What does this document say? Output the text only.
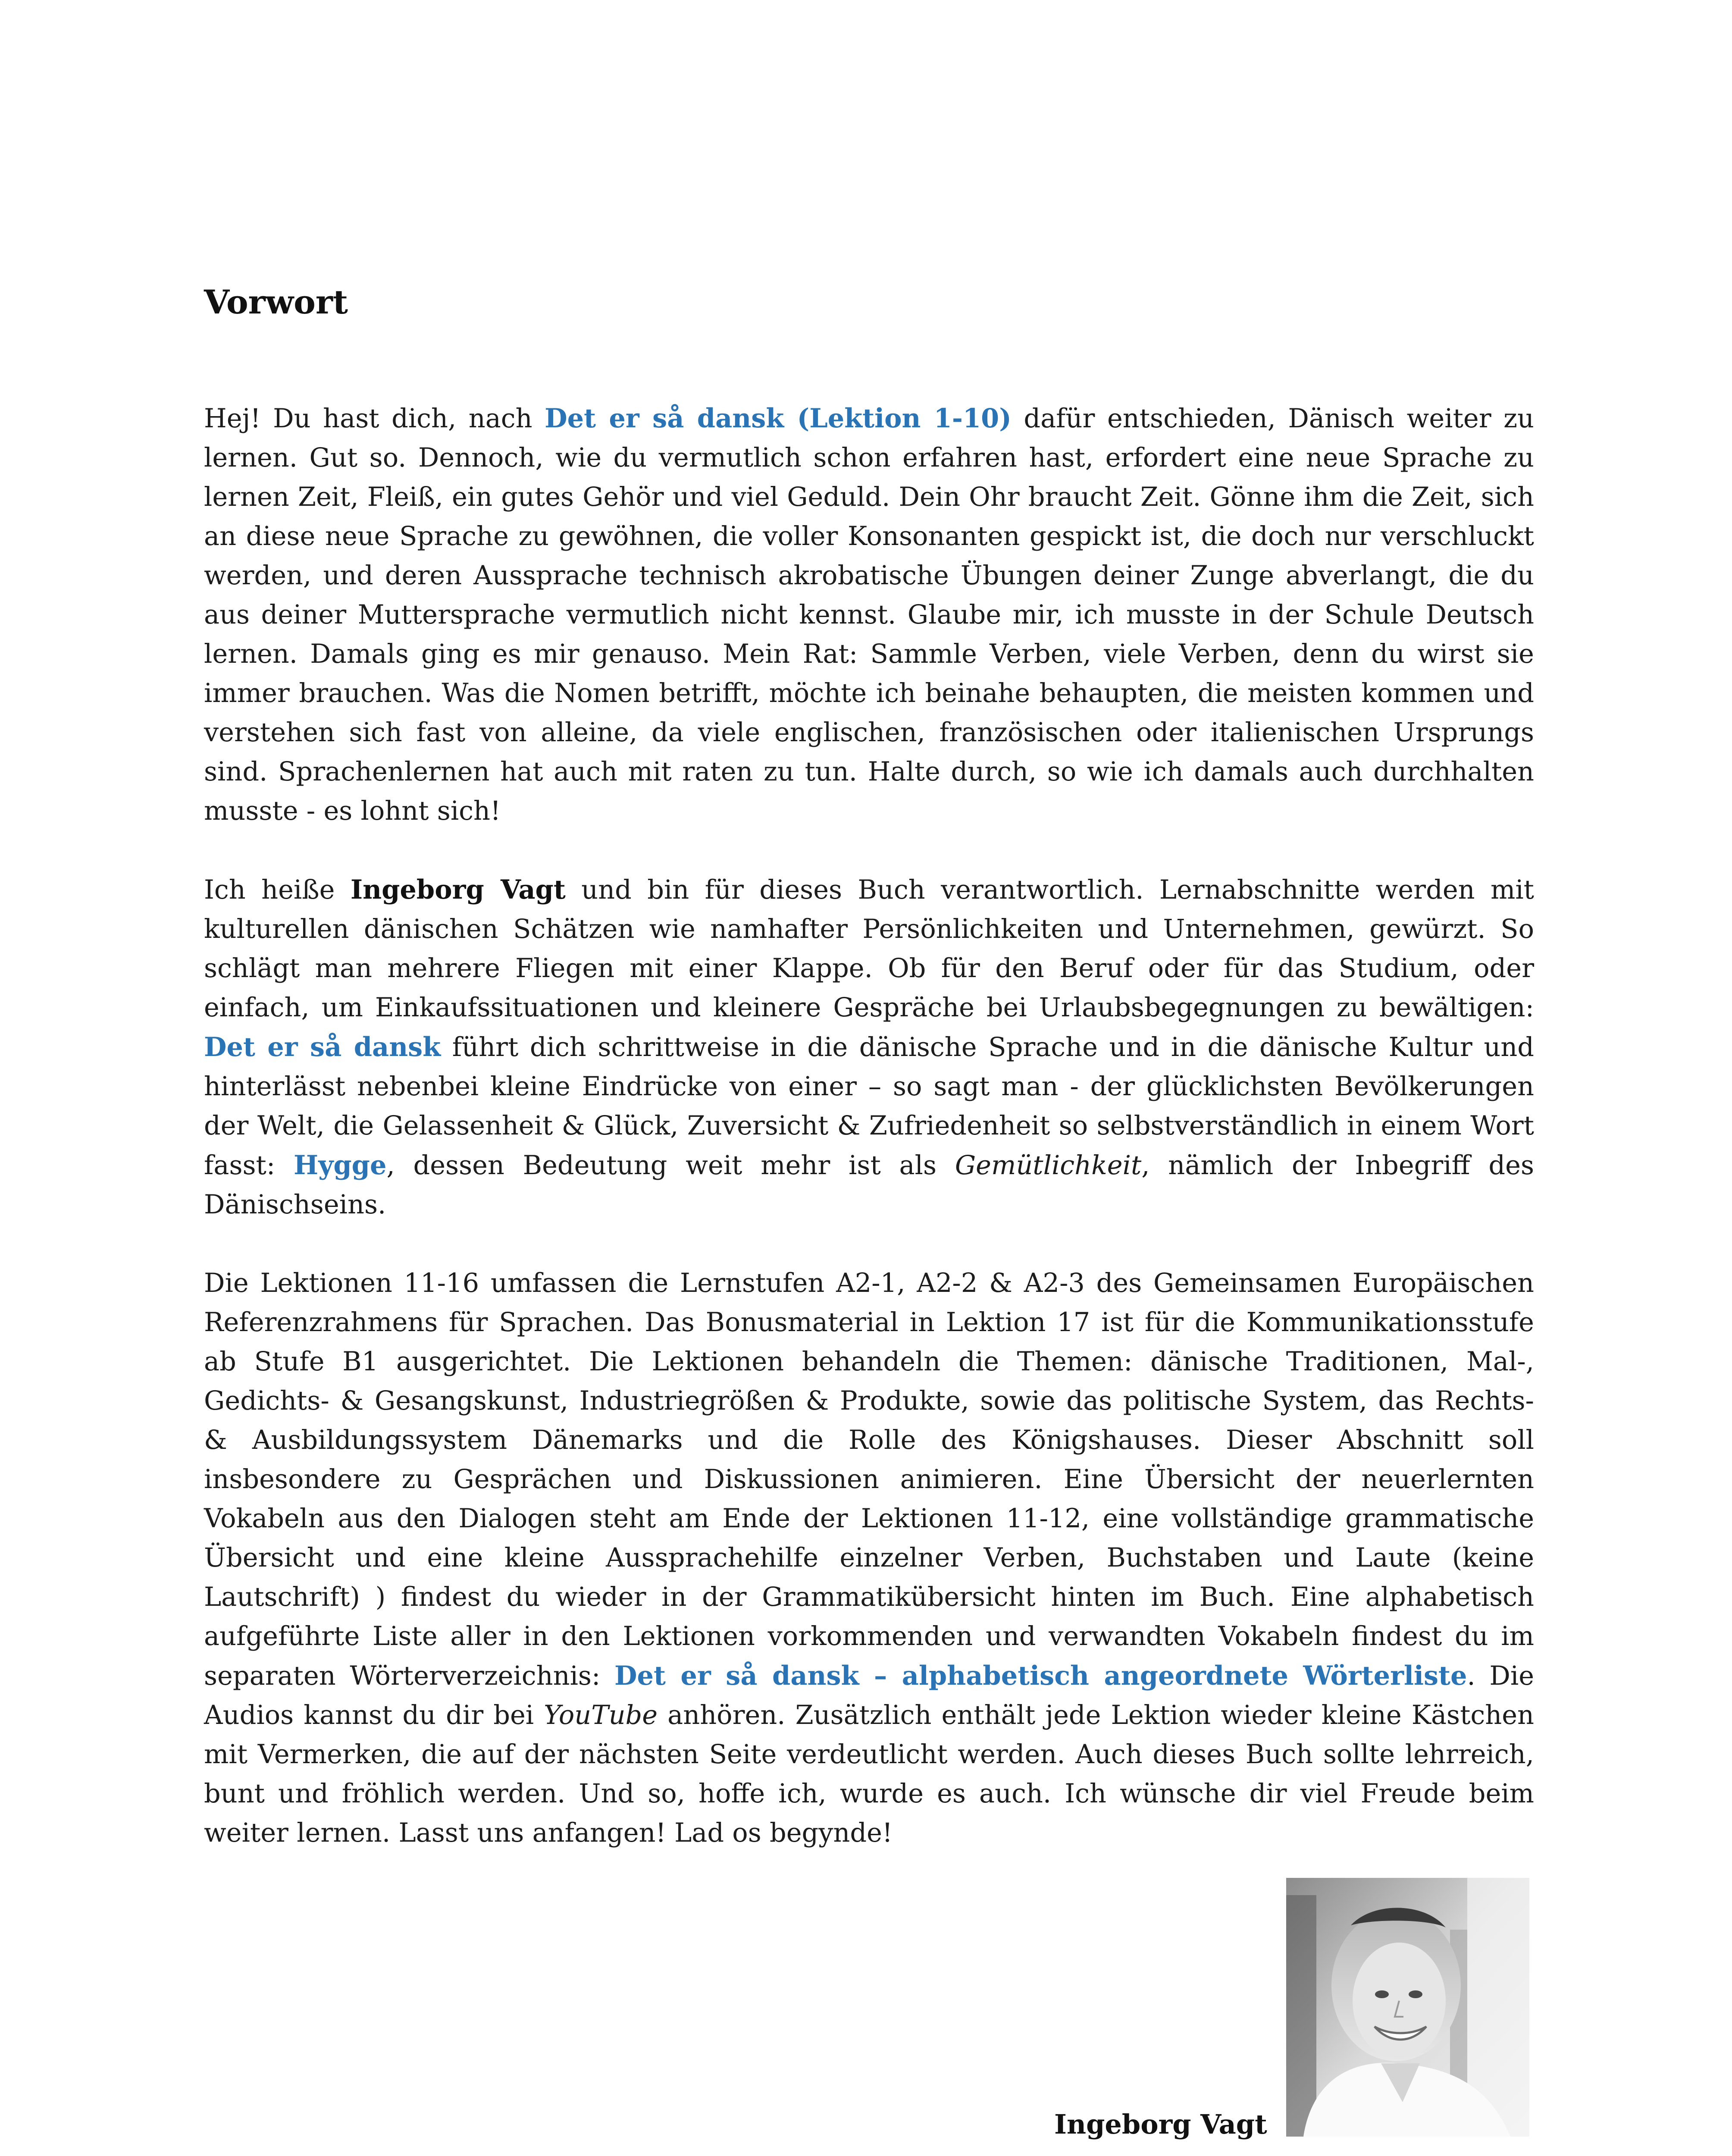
Vorwort

Hej! Du hast dich, nach Det er så dansk (Lektion 1-10) dafür entschieden, Dänisch weiter zu lernen. Gut so. Dennoch, wie du vermutlich schon erfahren hast, erfordert eine neue Sprache zu lernen Zeit, Fleiß, ein gutes Gehör und viel Geduld. Dein Ohr braucht Zeit. Gönne ihm die Zeit, sich an diese neue Sprache zu gewöhnen, die voller Konsonanten gespickt ist, die doch nur verschluckt werden, und deren Aussprache technisch akrobatische Übungen deiner Zunge abverlangt, die du aus deiner Muttersprache vermutlich nicht kennst. Glaube mir, ich musste in der Schule Deutsch lernen. Damals ging es mir genauso. Mein Rat: Sammle Verben, viele Verben, denn du wirst sie immer brauchen. Was die Nomen betrifft, möchte ich beinahe behaupten, die meisten kommen und verstehen sich fast von alleine, da viele englischen, französischen oder italienischen Ursprungs sind. Sprachenlernen hat auch mit raten zu tun. Halte durch, so wie ich damals auch durchhalten musste - es lohnt sich!

Ich heiße Ingeborg Vagt und bin für dieses Buch verantwortlich. Lernabschnitte werden mit kulturellen dänischen Schätzen wie namhafter Persönlichkeiten und Unternehmen, gewürzt. So schlägt man mehrere Fliegen mit einer Klappe. Ob für den Beruf oder für das Studium, oder einfach, um Einkaufssituationen und kleinere Gespräche bei Urlaubsbegegnungen zu bewältigen: Det er så dansk führt dich schrittweise in die dänische Sprache und in die dänische Kultur und hinterlässt nebenbei kleine Eindrücke von einer – so sagt man - der glücklichsten Bevölkerungen der Welt, die Gelassenheit & Glück, Zuversicht & Zufriedenheit so selbstverständlich in einem Wort fasst: Hygge, dessen Bedeutung weit mehr ist als Gemütlichkeit, nämlich der Inbegriff des Dänischseins.

Die Lektionen 11-16 umfassen die Lernstufen A2-1, A2-2 & A2-3 des Gemeinsamen Europäischen Referenzrahmens für Sprachen. Das Bonusmaterial in Lektion 17 ist für die Kommunikationsstufe ab Stufe B1 ausgerichtet. Die Lektionen behandeln die Themen: dänische Traditionen, Mal-, Gedichts- & Gesangskunst, Industriegrößen & Produkte, sowie das politische System, das Rechts- & Ausbildungssystem Dänemarks und die Rolle des Königshauses. Dieser Abschnitt soll insbesondere zu Gesprächen und Diskussionen animieren. Eine Übersicht der neuerlernten Vokabeln aus den Dialogen steht am Ende der Lektionen 11-12, eine vollständige grammatische Übersicht und eine kleine Aussprachehilfe einzelner Verben, Buchstaben und Laute (keine Lautschrift) ) findest du wieder in der Grammatikübersicht hinten im Buch. Eine alphabetisch aufgeführte Liste aller in den Lektionen vorkommenden und verwandten Vokabeln findest du im separaten Wörterverzeichnis: Det er så dansk – alphabetisch angeordnete Wörterliste. Die Audios kannst du dir bei YouTube anhören. Zusätzlich enthält jede Lektion wieder kleine Kästchen mit Vermerken, die auf der nächsten Seite verdeutlicht werden. Auch dieses Buch sollte lehrreich, bunt und fröhlich werden. Und so, hoffe ich, wurde es auch. Ich wünsche dir viel Freude beim weiter lernen. Lasst uns anfangen! Lad os begynde!

Ingeborg Vagt
